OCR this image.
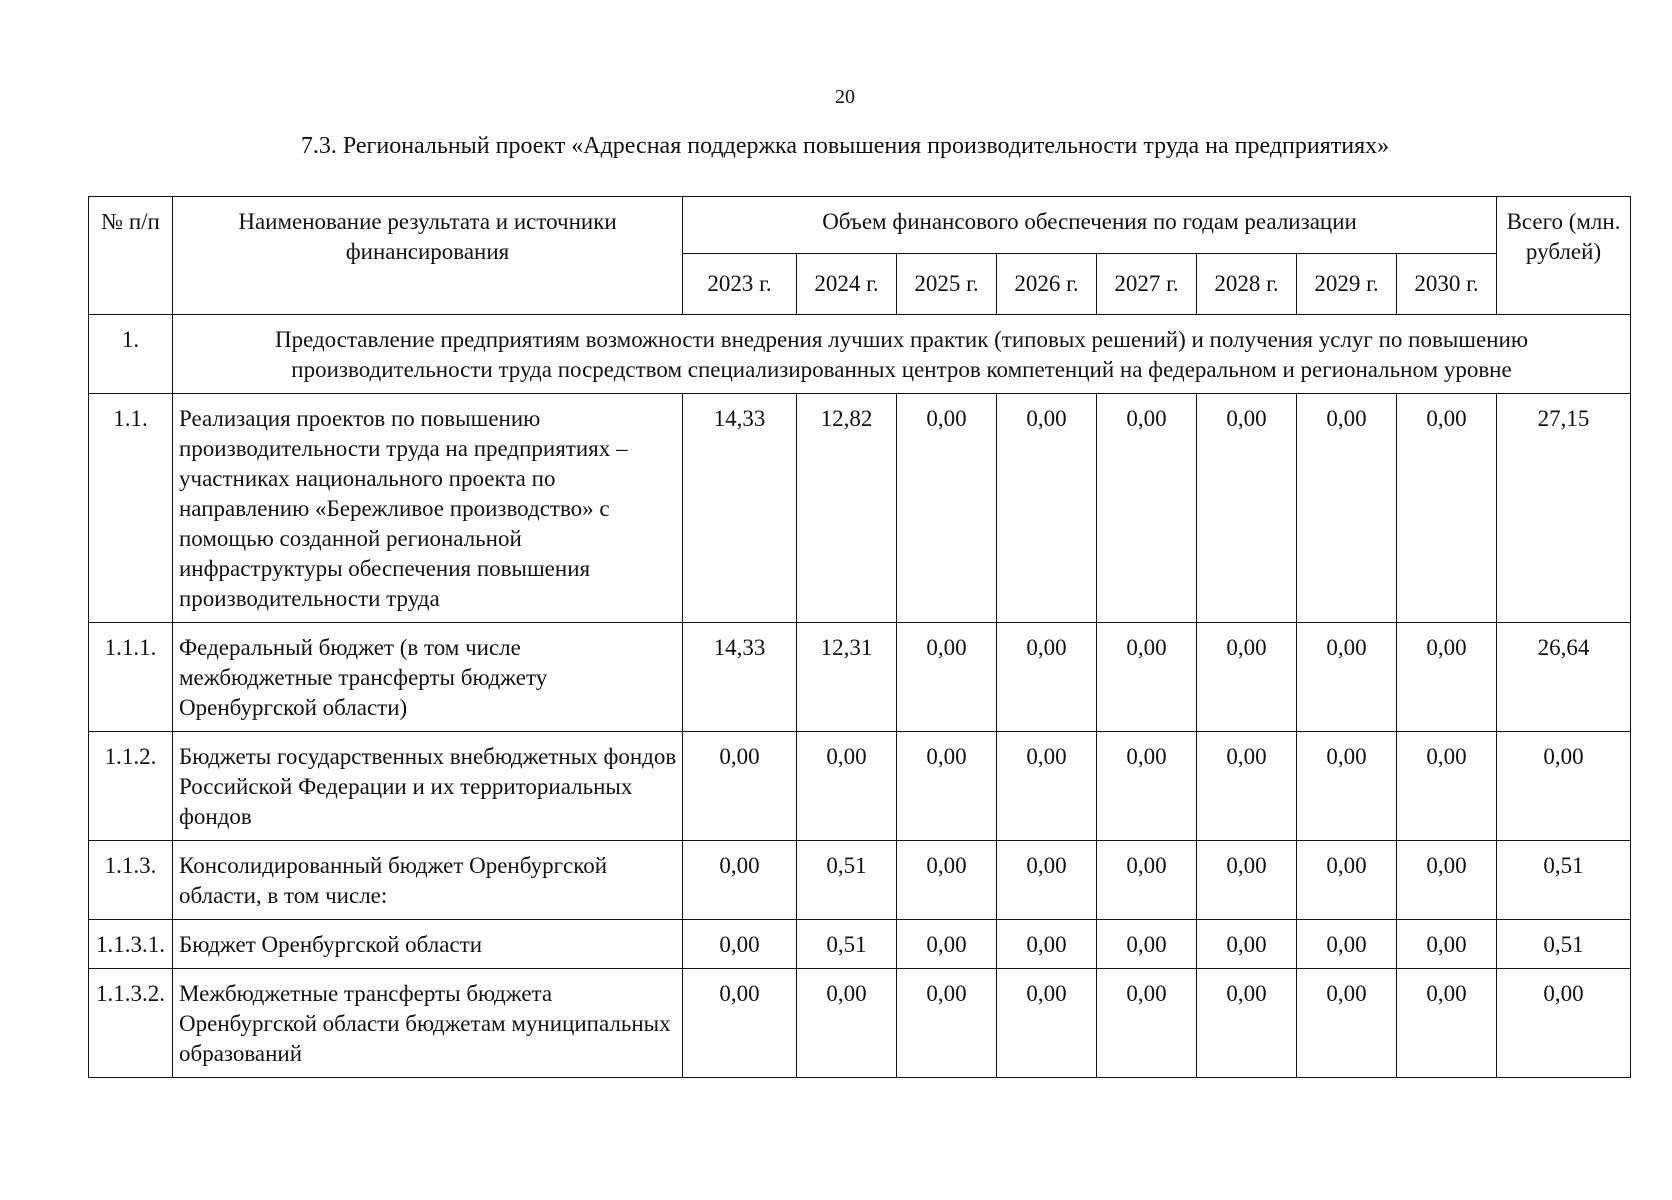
20
7.3. Региональный проект «Адресная поддержка повышения производительности труда на предприятиях»
№ п/п	Наименование результата и источники финансирования	Объем финансового обеспечения по годам реализации								Всего (млн. рублей)
		2023 г.	2024 г.	2025 г.	2026 г.	2027 г.	2028 г.	2029 г.	2030 г.	
1.	Предоставление предприятиям возможности внедрения лучших практик (типовых решений) и получения услуг по повышению производительности труда посредством специализированных центров компетенций на федеральном и региональном уровне									
1.1.	Реализация проектов по повышению производительности труда на предприятиях – участниках национального проекта по направлению «Бережливое производство» с помощью созданной региональной инфраструктуры обеспечения повышения производительности труда	14,33	12,82	0,00	0,00	0,00	0,00	0,00	0,00	27,15
1.1.1.	Федеральный бюджет (в том числе межбюджетные трансферты бюджету Оренбургской области)	14,33	12,31	0,00	0,00	0,00	0,00	0,00	0,00	26,64
1.1.2.	Бюджеты государственных внебюджетных фондов Российской Федерации и их территориальных фондов	0,00	0,00	0,00	0,00	0,00	0,00	0,00	0,00	0,00
1.1.3.	Консолидированный бюджет Оренбургской области, в том числе:	0,00	0,51	0,00	0,00	0,00	0,00	0,00	0,00	0,51
1.1.3.1.	Бюджет Оренбургской области	0,00	0,51	0,00	0,00	0,00	0,00	0,00	0,00	0,51
1.1.3.2.	Межбюджетные трансферты бюджета Оренбургской области бюджетам муниципальных образований	0,00	0,00	0,00	0,00	0,00	0,00	0,00	0,00	0,00
